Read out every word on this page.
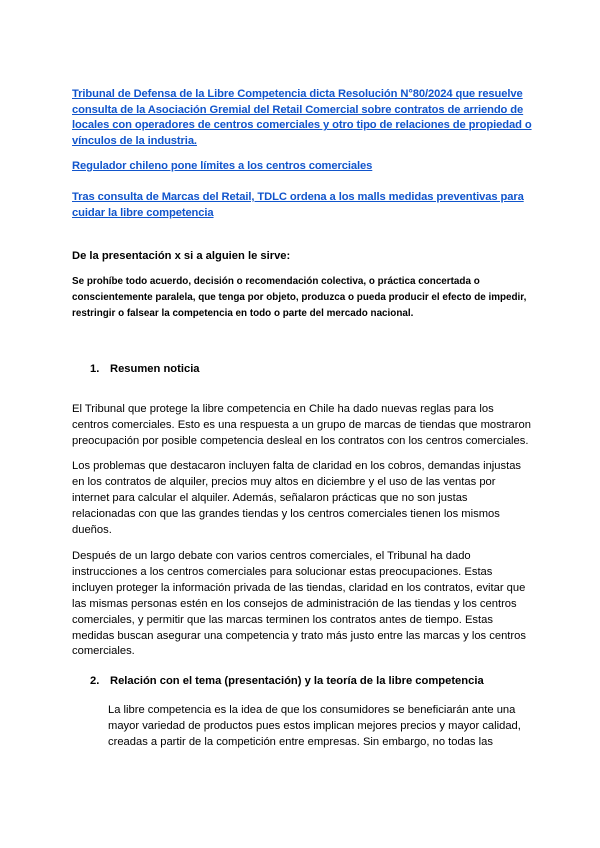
Tribunal de Defensa de la Libre Competencia dicta Resolución N°80/2024 que resuelve consulta de la Asociación Gremial del Retail Comercial sobre contratos de arriendo de locales con operadores de centros comerciales y otro tipo de relaciones de propiedad o vínculos de la industria.
Regulador chileno pone límites a los centros comerciales
Tras consulta de Marcas del Retail, TDLC ordena a los malls medidas preventivas para cuidar la libre competencia
De la presentación x si a alguien le sirve:
Se prohíbe todo acuerdo, decisión o recomendación colectiva, o práctica concertada o conscientemente paralela, que tenga por objeto, produzca o pueda producir el efecto de impedir, restringir o falsear la competencia en todo o parte del mercado nacional.
1. Resumen noticia
El Tribunal que protege la libre competencia en Chile ha dado nuevas reglas para los centros comerciales. Esto es una respuesta a un grupo de marcas de tiendas que mostraron preocupación por posible competencia desleal en los contratos con los centros comerciales.
Los problemas que destacaron incluyen falta de claridad en los cobros, demandas injustas en los contratos de alquiler, precios muy altos en diciembre y el uso de las ventas por internet para calcular el alquiler. Además, señalaron prácticas que no son justas relacionadas con que las grandes tiendas y los centros comerciales tienen los mismos dueños.
Después de un largo debate con varios centros comerciales, el Tribunal ha dado instrucciones a los centros comerciales para solucionar estas preocupaciones. Estas incluyen proteger la información privada de las tiendas, claridad en los contratos, evitar que las mismas personas estén en los consejos de administración de las tiendas y los centros comerciales, y permitir que las marcas terminen los contratos antes de tiempo. Estas medidas buscan asegurar una competencia y trato más justo entre las marcas y los centros comerciales.
2. Relación con el tema (presentación) y la teoría de la libre competencia
La libre competencia es la idea de que los consumidores se beneficiarán ante una mayor variedad de productos pues estos implican mejores precios y mayor calidad, creadas a partir de la competición entre empresas. Sin embargo, no todas las
